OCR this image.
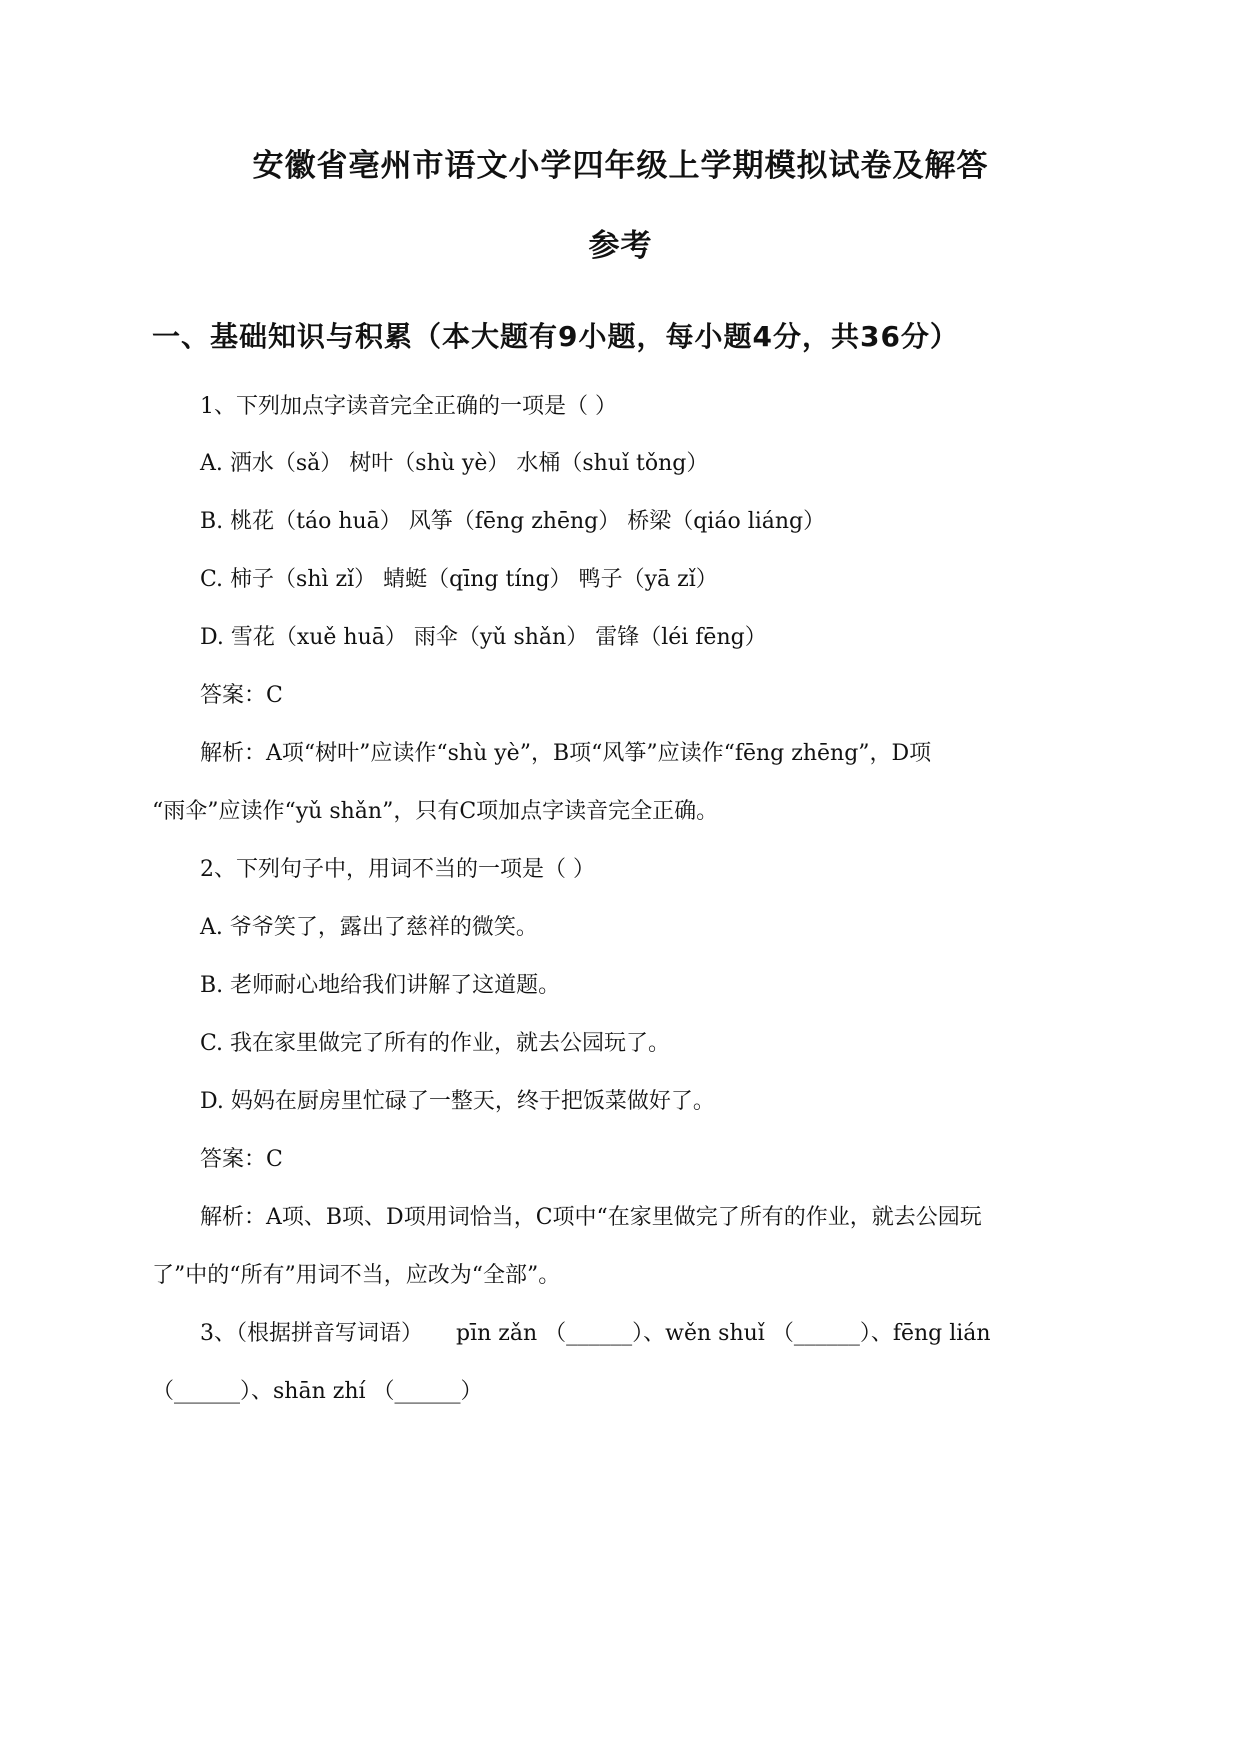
安徽省亳州市语文小学四年级上学期模拟试卷及解答
参考
一、基础知识与积累（本大题有9小题，每小题4分，共36分）
1、下列加点字读音完全正确的一项是（ ）
A. 洒水（sǎ） 树叶（shù yè） 水桶（shuǐ tǒng）
B. 桃花（táo huā） 风筝（fēng zhēng） 桥梁（qiáo liáng）
C. 柿子（shì zǐ） 蜻蜓（qīng tíng） 鸭子（yā zǐ）
D. 雪花（xuě huā） 雨伞（yǔ shǎn） 雷锋（léi fēng）
答案：C
解析：A项“树叶”应读作“shù yè”，B项“风筝”应读作“fēng zhēng”，D项
“雨伞”应读作“yǔ shǎn”，只有C项加点字读音完全正确。
2、下列句子中，用词不当的一项是（ ）
A. 爷爷笑了，露出了慈祥的微笑。
B. 老师耐心地给我们讲解了这道题。
C. 我在家里做完了所有的作业，就去公园玩了。
D. 妈妈在厨房里忙碌了一整天，终于把饭菜做好了。
答案：C
解析：A项、B项、D项用词恰当，C项中“在家里做完了所有的作业，就去公园玩
了”中的“所有”用词不当，应改为“全部”。
3、（根据拼音写词语）　　pīn zǎn （______）、wěn shuǐ （______）、fēng lián
（______）、shān zhí （______）
